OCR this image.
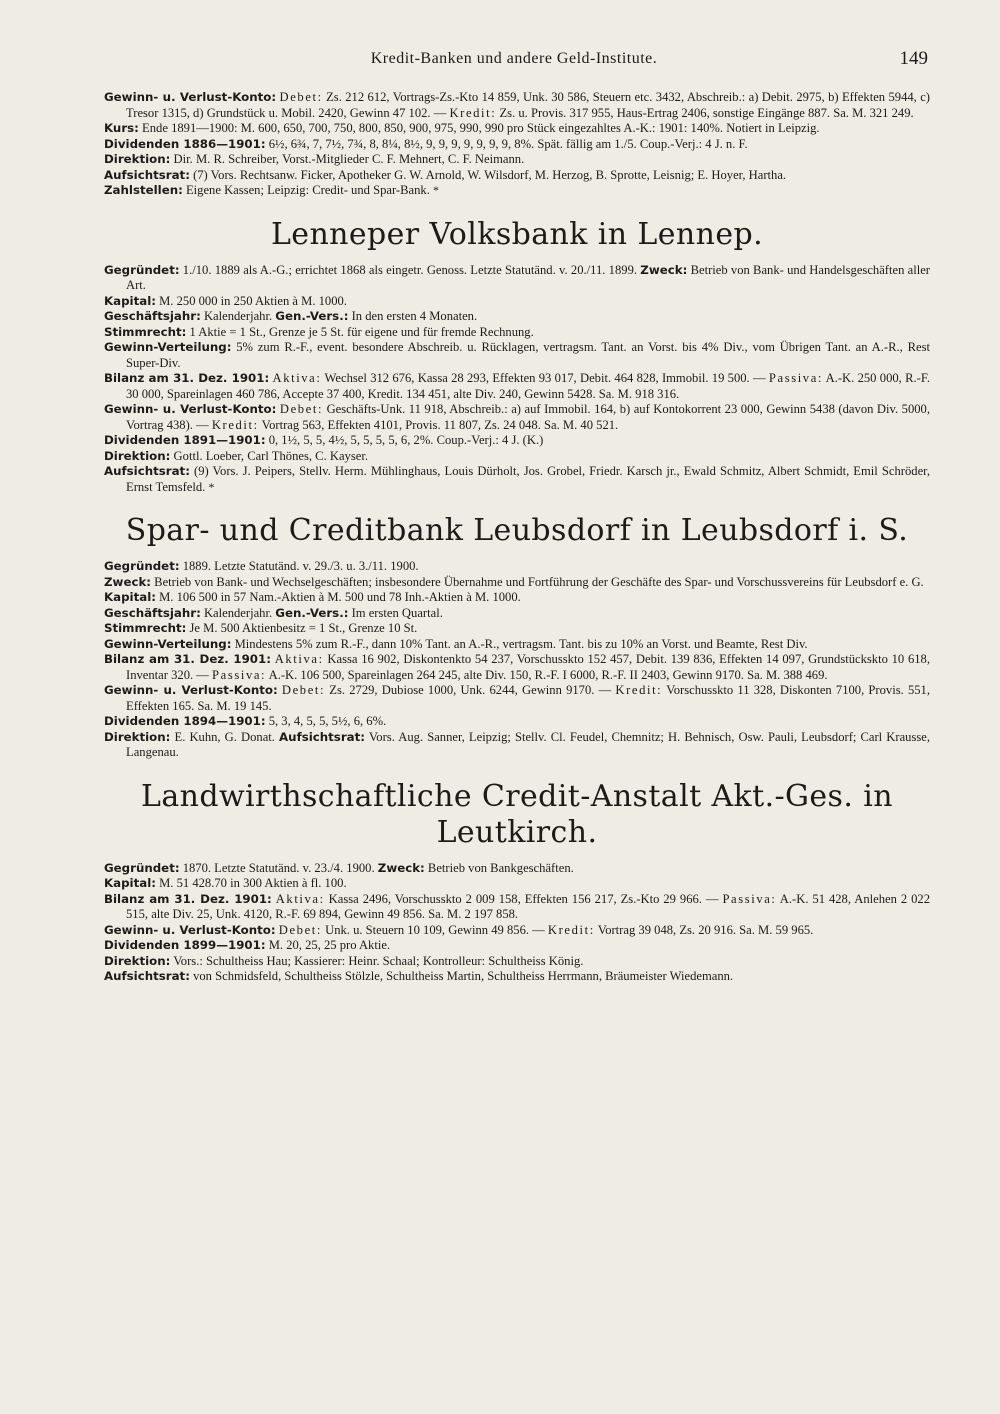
Kredit-Banken und andere Geld-Institute.	149

Gewinn- u. Verlust-Konto: Debet: Zs. 212 612, Vortrags-Zs.-Kto 14 859, Unk. 30 586, Steuern etc. 3432, Abschreib.: a) Debit. 2975, b) Effekten 5944, c) Tresor 1315, d) Grundstück u. Mobil. 2420, Gewinn 47 102. — Kredit: Zs. u. Provis. 317 955, Haus-Ertrag 2406, sonstige Eingänge 887. Sa. M. 321 249.

Kurs: Ende 1891—1900: M. 600, 650, 700, 750, 800, 850, 900, 975, 990, 990 pro Stück eingezahltes A.-K.: 1901: 140%. Notiert in Leipzig.

Dividenden 1886—1901: 6½, 6¾, 7, 7½, 7¾, 8, 8¼, 8½, 9, 9, 9, 9, 9, 9, 9, 8%. Spät. fällig am 1./5. Coup.-Verj.: 4 J. n. F.

Direktion: Dir. M. R. Schreiber, Vorst.-Mitglieder C. F. Mehnert, C. F. Neimann.

Aufsichtsrat: (7) Vors. Rechtsanw. Ficker, Apotheker G. W. Arnold, W. Wilsdorf, M. Herzog, B. Sprotte, Leisnig; E. Hoyer, Hartha.

Zahlstellen: Eigene Kassen; Leipzig: Credit- und Spar-Bank. *

Lenneper Volksbank in Lennep.

Gegründet: 1./10. 1889 als A.-G.; errichtet 1868 als eingetr. Genoss. Letzte Statutänd. v. 20./11. 1899. Zweck: Betrieb von Bank- und Handelsgeschäften aller Art.

Kapital: M. 250 000 in 250 Aktien à M. 1000.

Geschäftsjahr: Kalenderjahr. Gen.-Vers.: In den ersten 4 Monaten.

Stimmrecht: 1 Aktie = 1 St., Grenze je 5 St. für eigene und für fremde Rechnung.

Gewinn-Verteilung: 5% zum R.-F., event. besondere Abschreib. u. Rücklagen, vertragsm. Tant. an Vorst. bis 4% Div., vom Übrigen Tant. an A.-R., Rest Super-Div.

Bilanz am 31. Dez. 1901: Aktiva: Wechsel 312 676, Kassa 28 293, Effekten 93 017, Debit. 464 828, Immobil. 19 500. — Passiva: A.-K. 250 000, R.-F. 30 000, Spareinlagen 460 786, Accepte 37 400, Kredit. 134 451, alte Div. 240, Gewinn 5428. Sa. M. 918 316.

Gewinn- u. Verlust-Konto: Debet: Geschäfts-Unk. 11 918, Abschreib.: a) auf Immobil. 164, b) auf Kontokorrent 23 000, Gewinn 5438 (davon Div. 5000, Vortrag 438). — Kredit: Vortrag 563, Effekten 4101, Provis. 11 807, Zs. 24 048. Sa. M. 40 521.

Dividenden 1891—1901: 0, 1½, 5, 5, 4½, 5, 5, 5, 5, 6, 2%. Coup.-Verj.: 4 J. (K.)

Direktion: Gottl. Loeber, Carl Thönes, C. Kayser.

Aufsichtsrat: (9) Vors. J. Peipers, Stellv. Herm. Mühlinghaus, Louis Dürholt, Jos. Grobel, Friedr. Karsch jr., Ewald Schmitz, Albert Schmidt, Emil Schröder, Ernst Temsfeld. *

Spar- und Creditbank Leubsdorf in Leubsdorf i. S.

Gegründet: 1889. Letzte Statutänd. v. 29./3. u. 3./11. 1900.

Zweck: Betrieb von Bank- und Wechselgeschäften; insbesondere Übernahme und Fortführung der Geschäfte des Spar- und Vorschussvereins für Leubsdorf e. G.

Kapital: M. 106 500 in 57 Nam.-Aktien à M. 500 und 78 Inh.-Aktien à M. 1000.

Geschäftsjahr: Kalenderjahr. Gen.-Vers.: Im ersten Quartal.

Stimmrecht: Je M. 500 Aktienbesitz = 1 St., Grenze 10 St.

Gewinn-Verteilung: Mindestens 5% zum R.-F., dann 10% Tant. an A.-R., vertragsm. Tant. bis zu 10% an Vorst. und Beamte, Rest Div.

Bilanz am 31. Dez. 1901: Aktiva: Kassa 16 902, Diskontenkto 54 237, Vorschusskto 152 457, Debit. 139 836, Effekten 14 097, Grundstückskto 10 618, Inventar 320. — Passiva: A.-K. 106 500, Spareinlagen 264 245, alte Div. 150, R.-F. I 6000, R.-F. II 2403, Gewinn 9170. Sa. M. 388 469.

Gewinn- u. Verlust-Konto: Debet: Zs. 2729, Dubiose 1000, Unk. 6244, Gewinn 9170. — Kredit: Vorschusskto 11 328, Diskonten 7100, Provis. 551, Effekten 165. Sa. M. 19 145.

Dividenden 1894—1901: 5, 3, 4, 5, 5, 5½, 6, 6%.

Direktion: E. Kuhn, G. Donat. Aufsichtsrat: Vors. Aug. Sanner, Leipzig; Stellv. Cl. Feudel, Chemnitz; H. Behnisch, Osw. Pauli, Leubsdorf; Carl Krausse, Langenau.

Landwirthschaftliche Credit-Anstalt Akt.-Ges. in Leutkirch.

Gegründet: 1870. Letzte Statutänd. v. 23./4. 1900. Zweck: Betrieb von Bankgeschäften.

Kapital: M. 51 428.70 in 300 Aktien à fl. 100.

Bilanz am 31. Dez. 1901: Aktiva: Kassa 2496, Vorschusskto 2 009 158, Effekten 156 217, Zs.-Kto 29 966. — Passiva: A.-K. 51 428, Anlehen 2 022 515, alte Div. 25, Unk. 4120, R.-F. 69 894, Gewinn 49 856. Sa. M. 2 197 858.

Gewinn- u. Verlust-Konto: Debet: Unk. u. Steuern 10 109, Gewinn 49 856. — Kredit: Vortrag 39 048, Zs. 20 916. Sa. M. 59 965.

Dividenden 1899—1901: M. 20, 25, 25 pro Aktie.

Direktion: Vors.: Schultheiss Hau; Kassierer: Heinr. Schaal; Kontrolleur: Schultheiss König.

Aufsichtsrat: von Schmidsfeld, Schultheiss Stölzle, Schultheiss Martin, Schultheiss Herrmann, Bräumeister Wiedemann.
